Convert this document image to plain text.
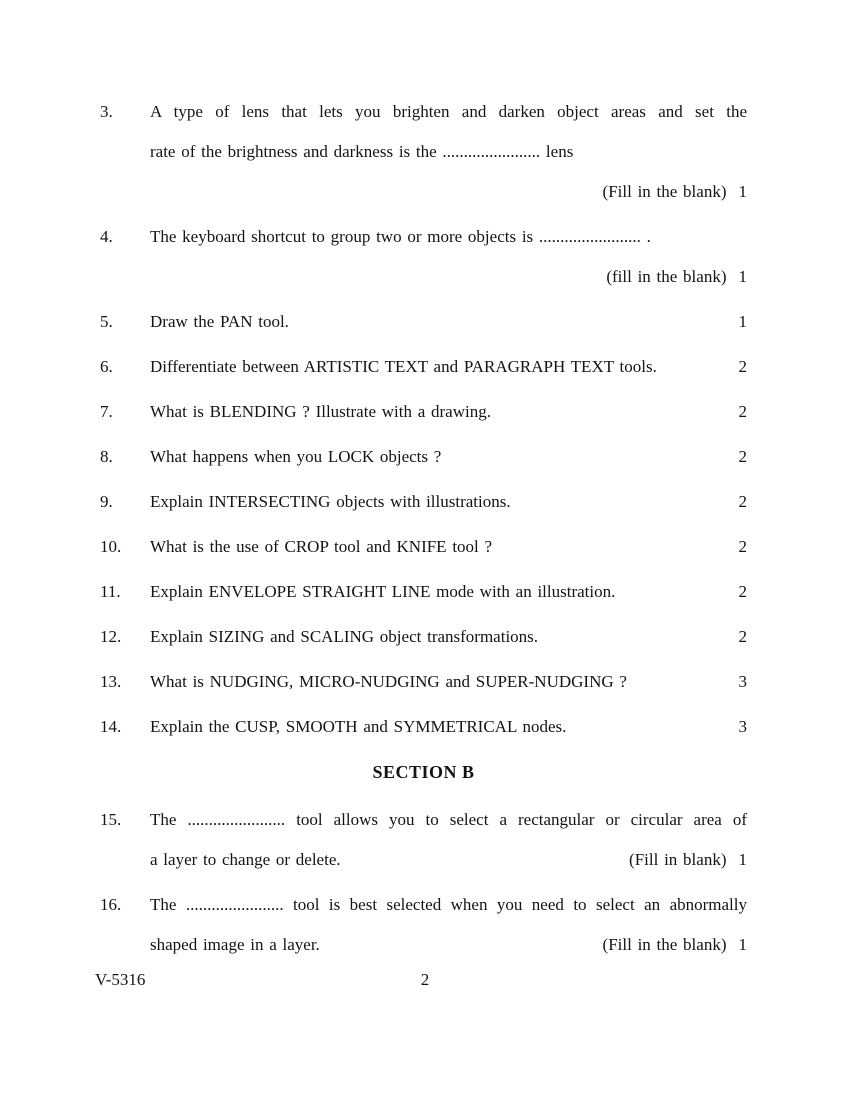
3.	A type of lens that lets you brighten and darken object areas and set the
rate of the brightness and darkness is the ....................... lens
(Fill in the blank) 1
4.	The keyboard shortcut to group two or more objects is ........................ .
(fill in the blank) 1
5.	Draw the PAN tool.	1
6.	Differentiate between ARTISTIC TEXT and PARAGRAPH TEXT tools.	2
7.	What is BLENDING ? Illustrate with a drawing.	2
8.	What happens when you LOCK objects ?	2
9.	Explain INTERSECTING objects with illustrations.	2
10.	What is the use of CROP tool and KNIFE tool ?	2
11.	Explain ENVELOPE STRAIGHT LINE mode with an illustration.	2
12.	Explain SIZING and SCALING object transformations.	2
13.	What is NUDGING, MICRO-NUDGING and SUPER-NUDGING ?	3
14.	Explain the CUSP, SMOOTH and SYMMETRICAL nodes.	3
SECTION B
15.	The ....................... tool allows you to select a rectangular or circular area of
a layer to change or delete.	(Fill in blank) 1
16.	The ....................... tool is best selected when you need to select an abnormally
shaped image in a layer.	(Fill in the blank) 1
V-5316	2
